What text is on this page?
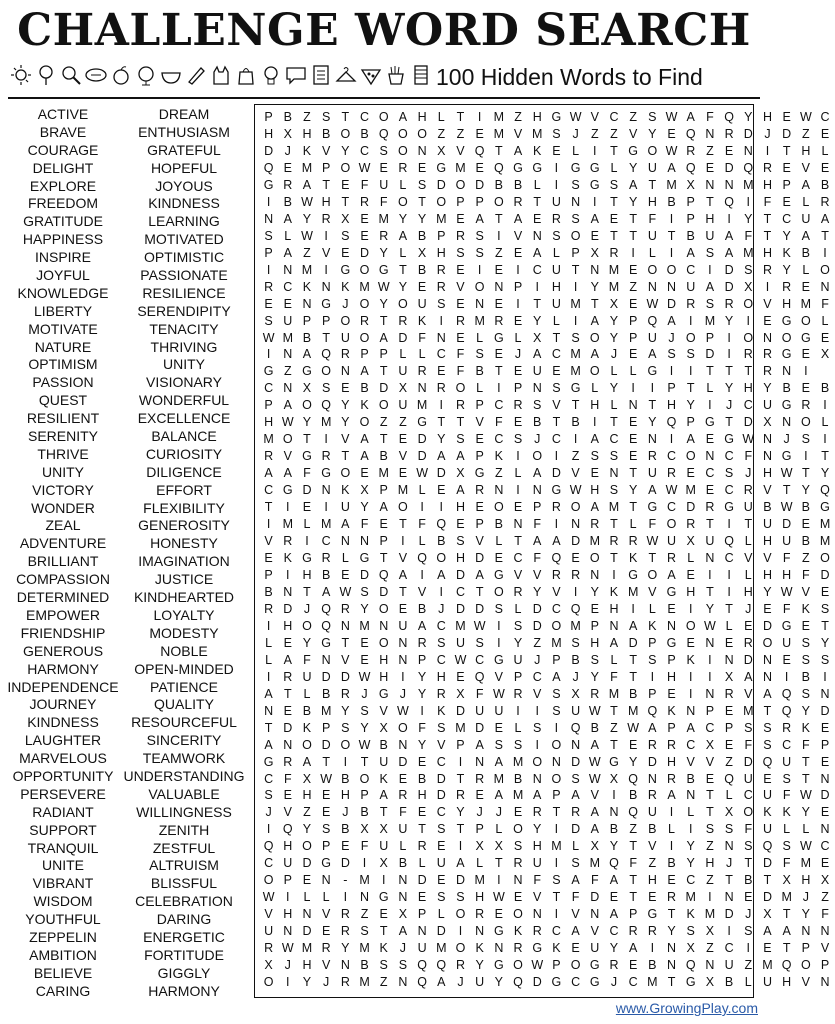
CHALLENGE WORD SEARCH
100 Hidden Words to Find
ACTIVE
BRAVE
COURAGE
DELIGHT
EXPLORE
FREEDOM
GRATITUDE
HAPPINESS
INSPIRE
JOYFUL
KNOWLEDGE
LIBERTY
MOTIVATE
NATURE
OPTIMISM
PASSION
QUEST
RESILIENT
SERENITY
THRIVE
UNITY
VICTORY
WONDER
ZEAL
ADVENTURE
BRILLIANT
COMPASSION
DETERMINED
EMPOWER
FRIENDSHIP
GENEROUS
HARMONY
INDEPENDENCE
JOURNEY
KINDNESS
LAUGHTER
MARVELOUS
OPPORTUNITY
PERSEVERE
RADIANT
SUPPORT
TRANQUIL
UNITE
VIBRANT
WISDOM
YOUTHFUL
ZEPPELIN
AMBITION
BELIEVE
CARING
DREAM
ENTHUSIASM
GRATEFUL
HOPEFUL
JOYOUS
KINDNESS
LEARNING
MOTIVATED
OPTIMISTIC
PASSIONATE
RESILIENCE
SERENDIPITY
TENACITY
THRIVING
UNITY
VISIONARY
WONDERFUL
EXCELLENCE
BALANCE
CURIOSITY
DILIGENCE
EFFORT
FLEXIBILITY
GENEROSITY
HONESTY
IMAGINATION
JUSTICE
KINDHEARTED
LOYALTY
MODESTY
NOBLE
OPEN-MINDED
PATIENCE
QUALITY
RESOURCEFUL
SINCERITY
TEAMWORK
UNDERSTANDING
VALUABLE
WILLINGNESS
ZENITH
ZESTFUL
ALTRUISM
BLISSFUL
CELEBRATION
DARING
ENERGETIC
FORTITUDE
GIGGLY
HARMONY
P B Z S T C O A H L T	I M Z H G W V C Z S W A F Q Y H E W C
H X H B O B Q O O Z Z E M V M S J Z Z V Y E Q N R D J D Z E
D J K V Y C S O N X V Q T A K E L	I	T G O W R Z E N	I	T H L
Q E M P O W E R E G M E Q G G	I	G G L Y U A Q E D Q R E V E
G R A T E F U L S D O D B B L	I	S G S A T M X N N M H P A B
I	B W H T R F O T O P P O R T U N	I	T Y H B P T Q	I	F E L R
N A Y R X E M Y Y M E A T A E R S A E T F	I	P H	I	Y T C U A
S L W I	S E R A B P R S	I	V N S O E T T U T B U A F T Y A T
P A Z V E D Y L X H S S Z E A L P X R	I	L	I	A S A M H K B	I
I	N M I	G O G T B R E	I	E	I	C U T N M E O O C	I	D S R Y L O
R C K N K M W Y E R V O N P	I	H	I	Y M Z N N U A D X	I	R E N
E E N G J O Y O U S E N E	I	T U M T X E W D R S R O V H M F
S U P P O R T R K	I	R M R E Y L	I	A Y P Q A	I M Y	I	E G O L
W M B T U O A D F N E L G L X T S O Y P U J O P	I	O N O G E
I	N A Q R P P L L C F S E J A C M A J E A S S D	I	R R G E X
G Z G O N A T U R E F B T E U E M O L L G	I	I	T T T R N	I
C N X S E B D X N R O L	I	P N S G L Y	I	I	P T L Y H Y B E B
P A O Q Y K O U M I	R P C R S V T H L N T H Y	I	J C U G R	I
H W Y M Y O Z Z G T T V F E B T B	I	T E Y Q P G T D X N O L
M O T	I	V A T E D Y S E C S J C	I	A C E N	I	A E G W N J S	I
R V G R T A B V D A A P K	I	O	I	Z S S E R C O N C F N G	I	T
A A F G O E M E W D X G Z L A D V E N T U R E C S J H W T Y
C G D N K X P M L E A R N	I	N G W H S Y A W M E C R V T Y Q
T	I	E	I	U Y A O	I	I	H E O E P R O A M T G C D R G U B W B G
I M L M A F E T F Q E P B N F	I	N R T L F O R T	I	T U D E M
V R	I	C N N P	I	L B S V L T A A D M R R W U X U Q L H U B M
E K G R L G T V Q O H D E C F Q E O T K T R L N C V V F Z O
P	I	H B E D Q A	I	A D A G V V R R N	I	G O A E	I	I	L H H F D
B N T A W S D T V	I	C T O R Y V	I	Y K M V G H T	I	H Y W V E
R D J Q R Y O E B J D D S L D C Q E H	I	L E	I	Y T J E F K S
I	H O Q N M N U A C M W I	S D O M P N A K N O W L E D G E T
L E Y G T E O N R S U S	I	Y Z M S H A D P G E N E R O U S Y
L A F N V E H N P C W C G U J P B S L T S P K	I	N D N E S S
I	R U D D W H	I	Y H E Q V P C A J Y F T	I	H	I	I	X A N	I	B	I
A T L B R J G J Y R X F W R V S X R M B P E	I	N R V A Q S N
N E B M Y S V W I	K D U U	I	I	S U W T M Q K N P E M T Q Y D
T D K P S Y X O F S M D E L S	I	Q B Z W A P A C P S S R K E
A N O D O W B N Y V P A S S	I	O N A T E R R C X E F S C F P
G R A T	I	T U D E C	I	N A M O N D W G Y D H V V Z D Q U T E
C F X W B O K E B D T R M B N O S W X Q N R B E Q U E S T N
S E H E H P A R H D R E A M A P A V	I	B R A N T L C U F W D
J V Z E J B T F E C Y J	J E R T R A N Q U	I	L T X O K K Y E
I	Q Y S B X X U T S T P L O Y	I	D A B Z B L	I	S S F U L L N
Q H O P E F U L R E	I	X X S H M L X Y T V	I	Y Z N S Q S W C
C U D G D	I	X B L U A L T R U	I	S M Q F Z B Y H J T D F M E
O P E N	- M I	N D E D M I	N F S A F A T H E C Z T B T X H X
W I	L L	I	N G N E S S H W E V T F D E T E R M I	N E D M J Z
V H N V R Z E X P L O R E O N	I	V N A P G T K M D J X T Y F
U N D E R S T A N D	I	N G K R C A V C R R Y S X	I	S A A N N
R W M R Y M K J U M O K N R G K E U Y A	I	N X Z C	I	E T P V
X J H V N B S S Q Q R Y G O W P O G R E B N Q N U Z M Q O P
O	I	Y J R M Z N Q A J U Y Q D G C G J C M T G X B L U H V N
www.GrowingPlay.com
